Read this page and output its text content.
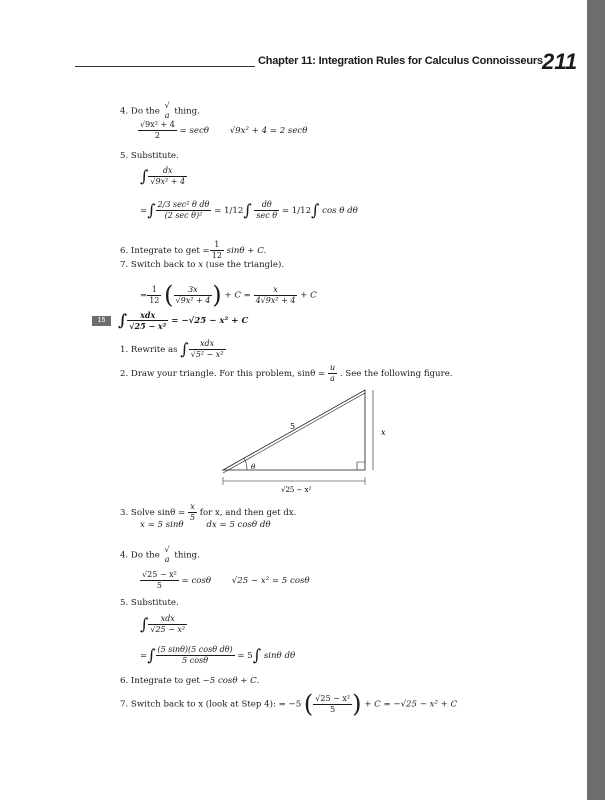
Chapter 11: Integration Rules for Calculus Connoisseurs 211
4. Do the
√
a thing.
$\frac{\text{√9x² + 4}}{2} = \sec\theta$ √9x² + 4 = 2 secθ
5. Substitute.
∫ $\frac{dx}{\text{√9x² + 4}}$
=∫ $\frac{\text{2/3 sec² θ dθ}}{\text{(2 sec θ)²}} = 1/12\int \frac{d\theta}{\text{sec θ}} = 1/12\int$ cos θ dθ
6. Integrate to get = $\frac{1}{12}$ sinθ + C.
7. Switch back to x (use the triangle).
= $\frac{1}{12}$ ( $\frac{3x}{\text{√9x² + 4}}$ ) + $C = \frac{x}{\text{4√9x² + 4}} + C$
15 ∫ $\frac{\text{xdx}}{\text{√25 − x²}} = -√25 - x^2 + C$
1. Rewrite as ∫ $\frac{\text{xdx}}{\text{√5² − x²}}$
2. Draw your triangle. For this problem, $\sin\theta = \frac{u}{a}$ . See the following figure.
5
x
θ
√25 − x²
3. Solve $\sin\theta = \frac{x}{5}$ for x, and then get dx.
x = 5 sinθ	dx = 5 cosθ dθ
4. Do the
√
a thing.
$\frac{\text{√25 − x²}}{5} = \cos\theta$ √25 − x² = 5 cosθ
5. Substitute.
∫ $\frac{\text{xdx}}{\text{√25 − x²}}$
=∫ $\frac{\text{(5 sinθ)(5 cosθ dθ)}}{5 \cos\theta} = 5\int$ sinθ dθ
6. Integrate to get −5 cosθ + C.
7. Switch back to x (look at Step 4): = −5 ( $\frac{\text{√25 − x²}}{5}$ ) + C = −√25 − x² + C
